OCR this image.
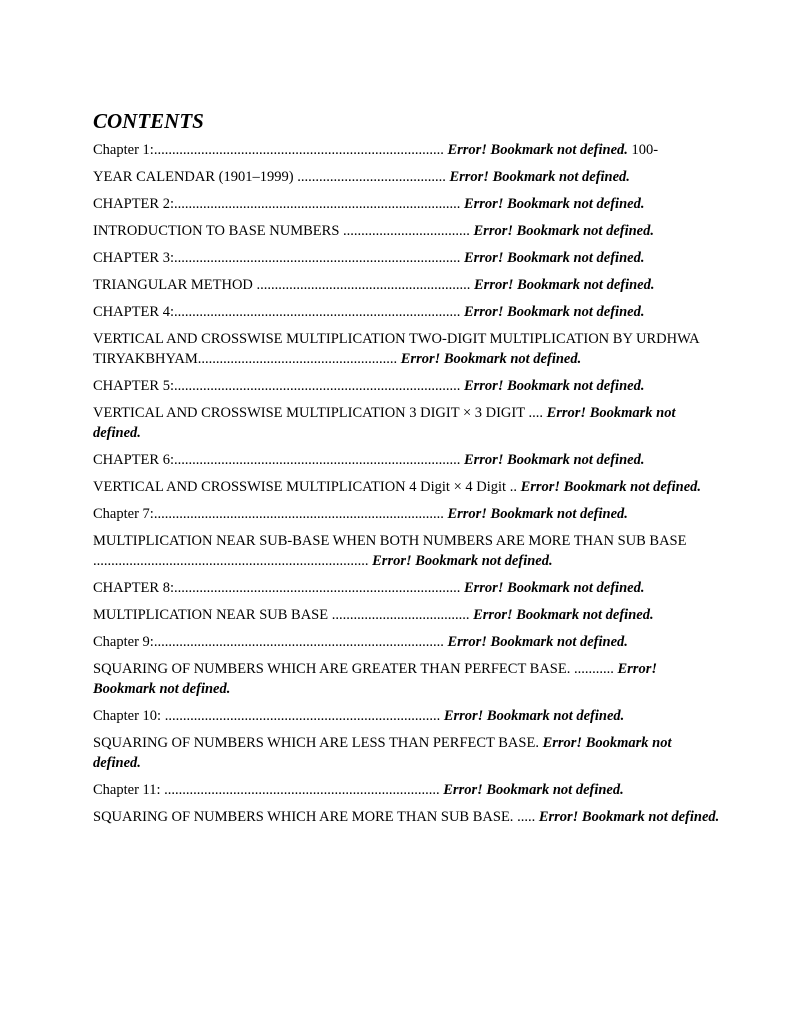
CONTENTS
Chapter 1:................................................................................ Error! Bookmark not defined. 100-
YEAR CALENDAR (1901–1999) ......................................... Error! Bookmark not defined.
CHAPTER 2:............................................................................... Error! Bookmark not defined.
INTRODUCTION TO BASE NUMBERS ................................... Error! Bookmark not defined.
CHAPTER 3:............................................................................... Error! Bookmark not defined.
TRIANGULAR METHOD ........................................................... Error! Bookmark not defined.
CHAPTER 4:............................................................................... Error! Bookmark not defined.
VERTICAL AND CROSSWISE MULTIPLICATION TWO-DIGIT MULTIPLICATION BY URDHWA TIRYAKBHYAM....................................................... Error! Bookmark not defined.
CHAPTER 5:............................................................................... Error! Bookmark not defined.
VERTICAL AND CROSSWISE MULTIPLICATION 3 DIGIT × 3 DIGIT .... Error! Bookmark not defined.
CHAPTER 6:............................................................................... Error! Bookmark not defined.
VERTICAL AND CROSSWISE MULTIPLICATION 4 Digit × 4 Digit .. Error! Bookmark not defined.
Chapter 7:................................................................................ Error! Bookmark not defined.
MULTIPLICATION NEAR SUB-BASE WHEN BOTH NUMBERS ARE MORE THAN SUB BASE ............................................................................ Error! Bookmark not defined.
CHAPTER 8:............................................................................... Error! Bookmark not defined.
MULTIPLICATION NEAR SUB BASE ...................................... Error! Bookmark not defined.
Chapter 9:................................................................................ Error! Bookmark not defined.
SQUARING OF NUMBERS WHICH ARE GREATER THAN PERFECT BASE. ........... Error! Bookmark not defined.
Chapter 10: ............................................................................ Error! Bookmark not defined.
SQUARING OF NUMBERS WHICH ARE LESS THAN PERFECT BASE. Error! Bookmark not defined.
Chapter 11: ............................................................................ Error! Bookmark not defined.
SQUARING OF NUMBERS WHICH ARE MORE THAN SUB BASE. ..... Error! Bookmark not defined.
